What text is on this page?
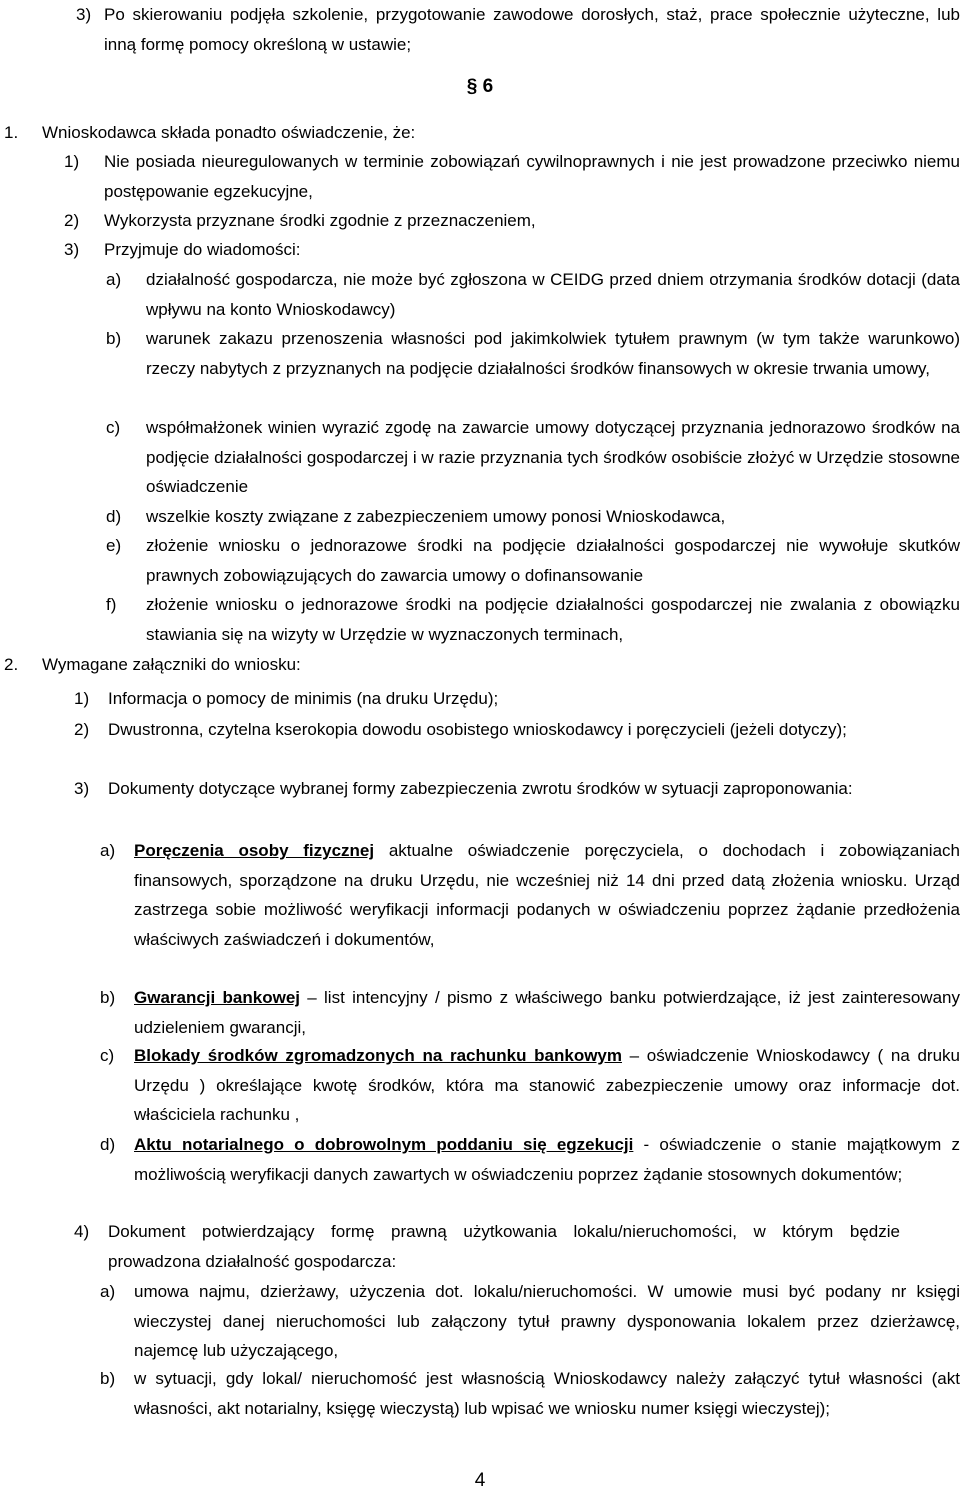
3) Po skierowaniu podjęła szkolenie, przygotowanie zawodowe dorosłych, staż, prace społecznie użyteczne, lub inną formę pomocy określoną w ustawie;
§ 6
1. Wnioskodawca składa ponadto oświadczenie, że:
1) Nie posiada nieuregulowanych w terminie zobowiązań cywilnoprawnych i nie jest prowadzone przeciwko niemu postępowanie egzekucyjne,
2) Wykorzysta przyznane środki zgodnie z przeznaczeniem,
3) Przyjmuje do wiadomości:
a) działalność gospodarcza, nie może być zgłoszona w CEIDG przed dniem otrzymania środków dotacji (data wpływu na konto Wnioskodawcy)
b) warunek zakazu przenoszenia własności pod jakimkolwiek tytułem prawnym (w tym także warunkowo) rzeczy nabytych z przyznanych na podjęcie działalności środków finansowych w okresie trwania umowy,
c) współmałżonek winien wyrazić zgodę na zawarcie umowy dotyczącej przyznania jednorazowo środków na podjęcie działalności gospodarczej i w razie przyznania tych środków osobiście złożyć w Urzędzie stosowne oświadczenie
d) wszelkie koszty związane z zabezpieczeniem umowy ponosi Wnioskodawca,
e) złożenie wniosku o jednorazowe środki na podjęcie działalności gospodarczej nie wywołuje skutków prawnych zobowiązujących do zawarcia umowy o dofinansowanie
f) złożenie wniosku o jednorazowe środki na podjęcie działalności gospodarczej nie zwalania z obowiązku stawiania się na wizyty w Urzędzie w wyznaczonych terminach,
2. Wymagane załączniki do wniosku:
1) Informacja o pomocy de minimis (na druku Urzędu);
2) Dwustronna, czytelna kserokopia dowodu osobistego wnioskodawcy i poręczycieli (jeżeli dotyczy);
3) Dokumenty dotyczące wybranej formy zabezpieczenia zwrotu środków w sytuacji zaproponowania:
a) Poręczenia osoby fizycznej aktualne oświadczenie poręczyciela, o dochodach i zobowiązaniach finansowych, sporządzone na druku Urzędu, nie wcześniej niż 14 dni przed datą złożenia wniosku. Urząd zastrzega sobie możliwość weryfikacji informacji podanych w oświadczeniu poprzez żądanie przedłożenia właściwych zaświadczeń i dokumentów,
b) Gwarancji bankowej – list intencyjny / pismo z właściwego banku potwierdzające, iż jest zainteresowany udzieleniem gwarancji,
c) Blokady środków zgromadzonych na rachunku bankowym – oświadczenie Wnioskodawcy ( na druku Urzędu ) określające kwotę środków, która ma stanowić zabezpieczenie umowy oraz informacje dot. właściciela rachunku ,
d) Aktu notarialnego o dobrowolnym poddaniu się egzekucji - oświadczenie o stanie majątkowym z możliwością weryfikacji danych zawartych w oświadczeniu poprzez żądanie stosownych dokumentów;
4) Dokument potwierdzający formę prawną użytkowania lokalu/nieruchomości, w którym będzie prowadzona działalność gospodarcza:
a) umowa najmu, dzierżawy, użyczenia dot. lokalu/nieruchomości. W umowie musi być podany nr księgi wieczystej danej nieruchomości lub załączony tytuł prawny dysponowania lokalem przez dzierżawcę, najemcę lub użyczającego,
b) w sytuacji, gdy lokal/ nieruchomość jest własnością Wnioskodawcy należy załączyć tytuł własności (akt własności, akt notarialny, księgę wieczystą) lub wpisać we wniosku numer księgi wieczystej);
4
